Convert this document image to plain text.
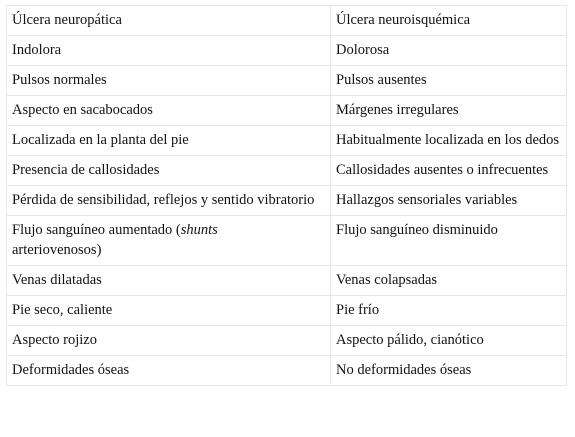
Úlcera neuropática	Úlcera neuroisquémica
Indolora	Dolorosa
Pulsos normales	Pulsos ausentes
Aspecto en sacabocados	Márgenes irregulares
Localizada en la planta del pie	Habitualmente localizada en los dedos
Presencia de callosidades	Callosidades ausentes o infrecuentes
Pérdida de sensibilidad, reflejos y sentido vibratorio	Hallazgos sensoriales variables
Flujo sanguíneo aumentado (shunts
arteriovenosos)	Flujo sanguíneo disminuido
Venas dilatadas	Venas colapsadas
Pie seco, caliente	Pie frío
Aspecto rojizo	Aspecto pálido, cianótico
Deformidades óseas	No deformidades óseas
